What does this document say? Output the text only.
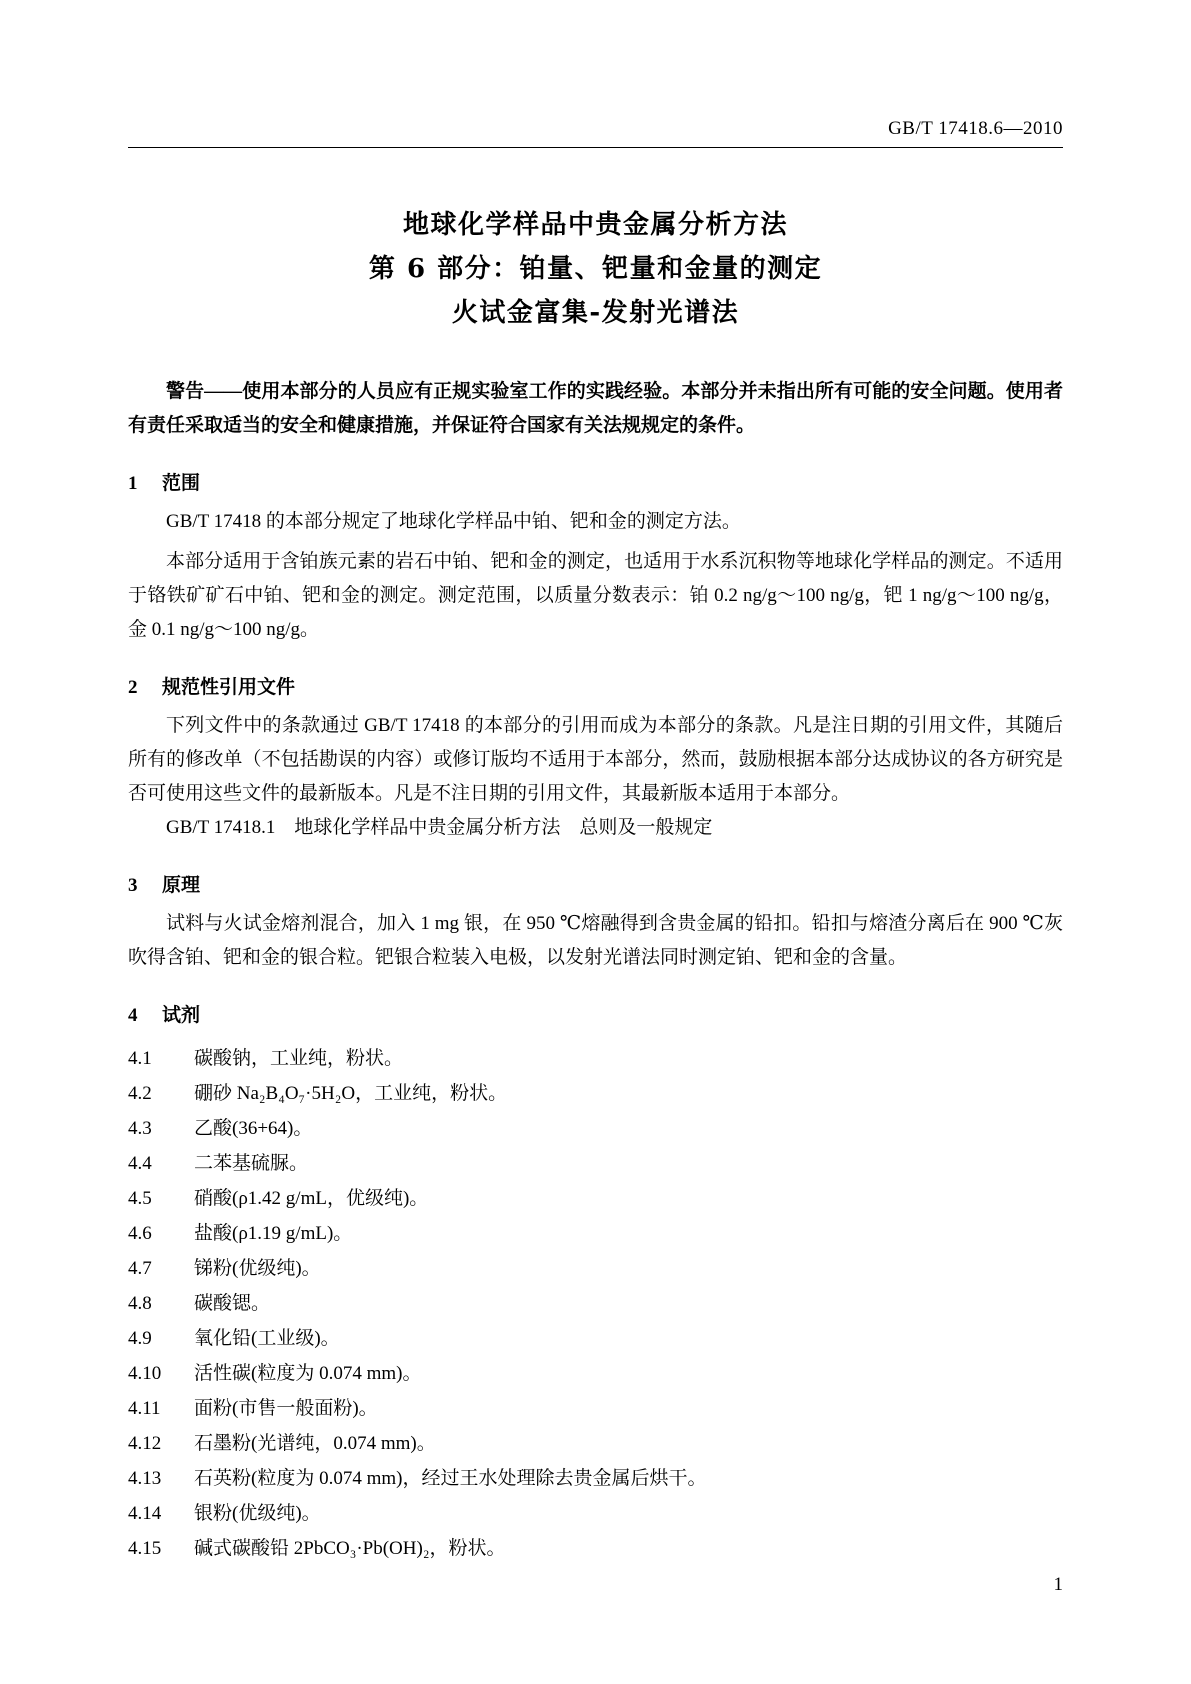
GB/T 17418.6—2010
地球化学样品中贵金属分析方法
第 6 部分：铂量、钯量和金量的测定
火试金富集-发射光谱法
警告——使用本部分的人员应有正规实验室工作的实践经验。本部分并未指出所有可能的安全问题。使用者有责任采取适当的安全和健康措施，并保证符合国家有关法规规定的条件。
1 范围
GB/T 17418 的本部分规定了地球化学样品中铂、钯和金的测定方法。
本部分适用于含铂族元素的岩石中铂、钯和金的测定，也适用于水系沉积物等地球化学样品的测定。不适用于铬铁矿矿石中铂、钯和金的测定。测定范围，以质量分数表示：铂 0.2 ng/g～100 ng/g，钯 1 ng/g～100 ng/g，金 0.1 ng/g～100 ng/g。
2 规范性引用文件
下列文件中的条款通过 GB/T 17418 的本部分的引用而成为本部分的条款。凡是注日期的引用文件，其随后所有的修改单（不包括勘误的内容）或修订版均不适用于本部分，然而，鼓励根据本部分达成协议的各方研究是否可使用这些文件的最新版本。凡是不注日期的引用文件，其最新版本适用于本部分。
GB/T 17418.1　地球化学样品中贵金属分析方法　总则及一般规定
3 原理
试料与火试金熔剂混合，加入 1 mg 银，在 950 ℃熔融得到含贵金属的铅扣。铅扣与熔渣分离后在 900 ℃灰吹得含铂、钯和金的银合粒。钯银合粒装入电极，以发射光谱法同时测定铂、钯和金的含量。
4 试剂
4.1	碳酸钠，工业纯，粉状。
4.2	硼砂 Na₂B₄O₇·5H₂O，工业纯，粉状。
4.3	乙酸(36+64)。
4.4	二苯基硫脲。
4.5	硝酸(ρ1.42 g/mL，优级纯)。
4.6	盐酸(ρ1.19 g/mL)。
4.7	锑粉(优级纯)。
4.8	碳酸锶。
4.9	氧化铅(工业级)。
4.10	活性碳(粒度为 0.074 mm)。
4.11	面粉(市售一般面粉)。
4.12	石墨粉(光谱纯，0.074 mm)。
4.13	石英粉(粒度为 0.074 mm)，经过王水处理除去贵金属后烘干。
4.14	银粉(优级纯)。
4.15	碱式碳酸铅 2PbCO₃·Pb(OH)₂，粉状。
1
